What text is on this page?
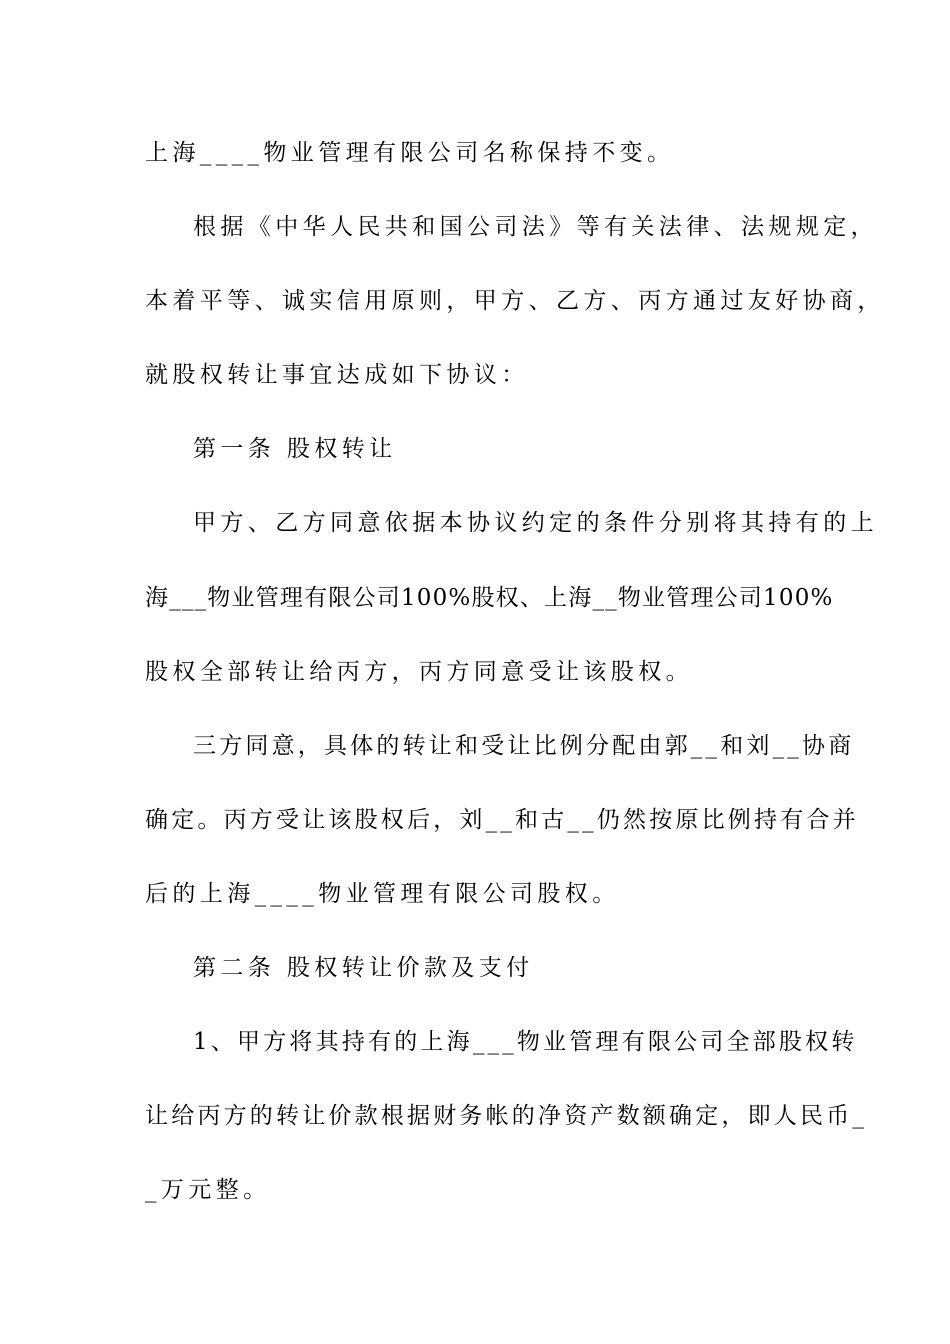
上海____物业管理有限公司名称保持不变。
根据《中华人民共和国公司法》等有关法律、法规规定，
本着平等、诚实信用原则，甲方、乙方、丙方通过友好协商，
就股权转让事宜达成如下协议：
第一条 股权转让
甲方、乙方同意依据本协议约定的条件分别将其持有的上
海___物业管理有限公司100%股权、上海__物业管理公司100%
股权全部转让给丙方，丙方同意受让该股权。
三方同意，具体的转让和受让比例分配由郭__和刘__协商
确定。丙方受让该股权后，刘__和古__仍然按原比例持有合并
后的上海____物业管理有限公司股权。
第二条 股权转让价款及支付
1、甲方将其持有的上海___物业管理有限公司全部股权转
让给丙方的转让价款根据财务帐的净资产数额确定，即人民币_
_万元整。
